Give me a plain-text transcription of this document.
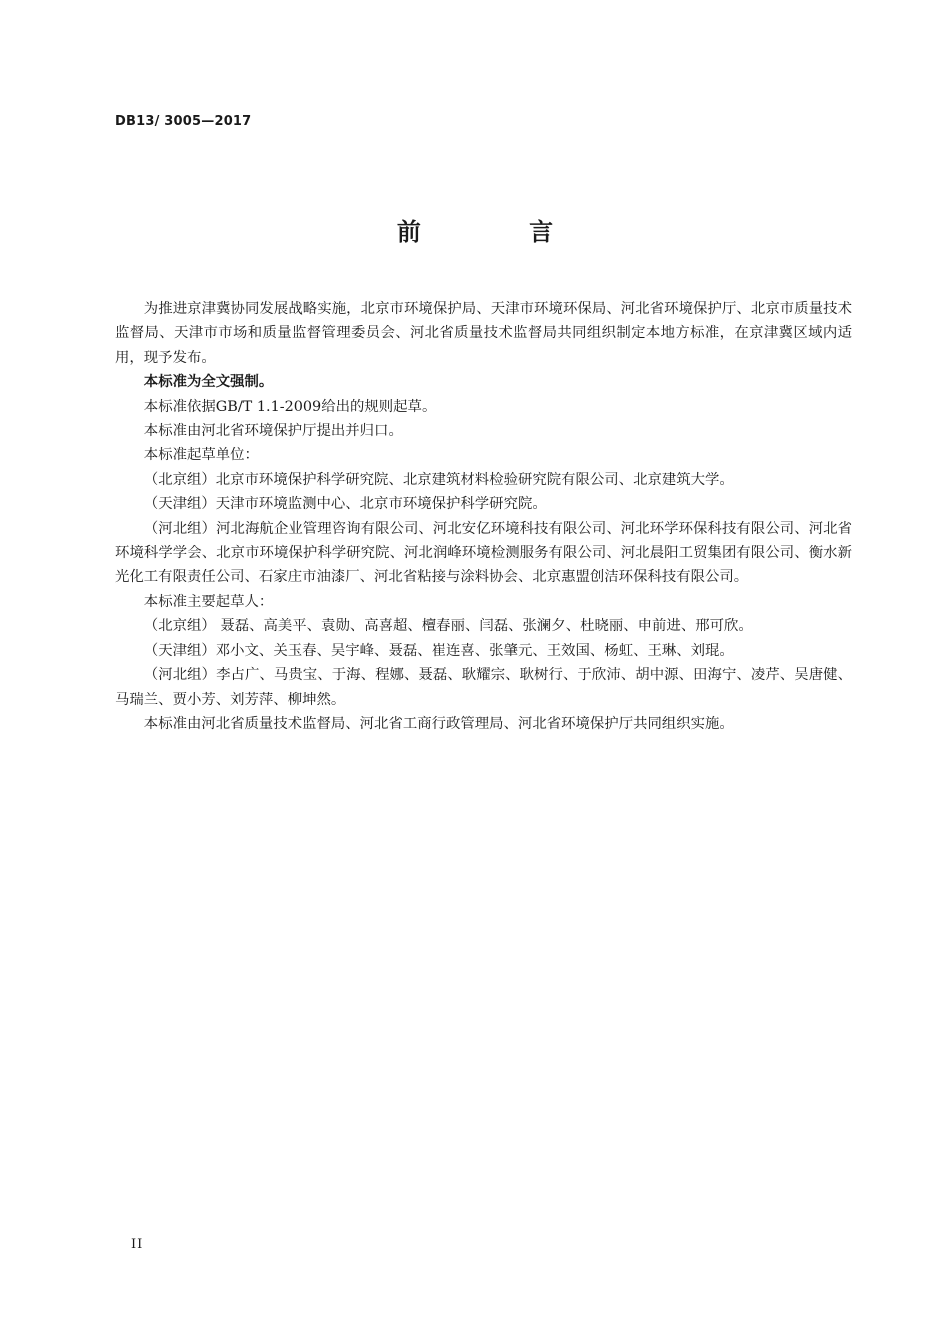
DB13/ 3005—2017
前 言

为推进京津冀协同发展战略实施，北京市环境保护局、天津市环境环保局、河北省环境保护厅、北京市质量技术监督局、天津市市场和质量监督管理委员会、河北省质量技术监督局共同组织制定本地方标准，在京津冀区域内适用，现予发布。

本标准为全文强制。

本标准依据GB/T 1.1-2009给出的规则起草。

本标准由河北省环境保护厅提出并归口。

本标准起草单位：

（北京组）北京市环境保护科学研究院、北京建筑材料检验研究院有限公司、北京建筑大学。

（天津组）天津市环境监测中心、北京市环境保护科学研究院。

（河北组）河北海航企业管理咨询有限公司、河北安亿环境科技有限公司、河北环学环保科技有限公司、河北省环境科学学会、北京市环境保护科学研究院、河北润峰环境检测服务有限公司、河北晨阳工贸集团有限公司、衡水新光化工有限责任公司、石家庄市油漆厂、河北省粘接与涂料协会、北京惠盟创洁环保科技有限公司。

本标准主要起草人：

（北京组） 聂磊、高美平、袁勋、高喜超、檀春丽、闫磊、张澜夕、杜晓丽、申前进、邢可欣。

（天津组）邓小文、关玉春、吴宇峰、聂磊、崔连喜、张肇元、王效国、杨虹、王琳、刘琨。

（河北组）李占广、马贵宝、于海、程娜、聂磊、耿耀宗、耿树行、于欣沛、胡中源、田海宁、凌芹、吴唐健、马瑞兰、贾小芳、刘芳萍、柳坤然。

本标准由河北省质量技术监督局、河北省工商行政管理局、河北省环境保护厅共同组织实施。

II
